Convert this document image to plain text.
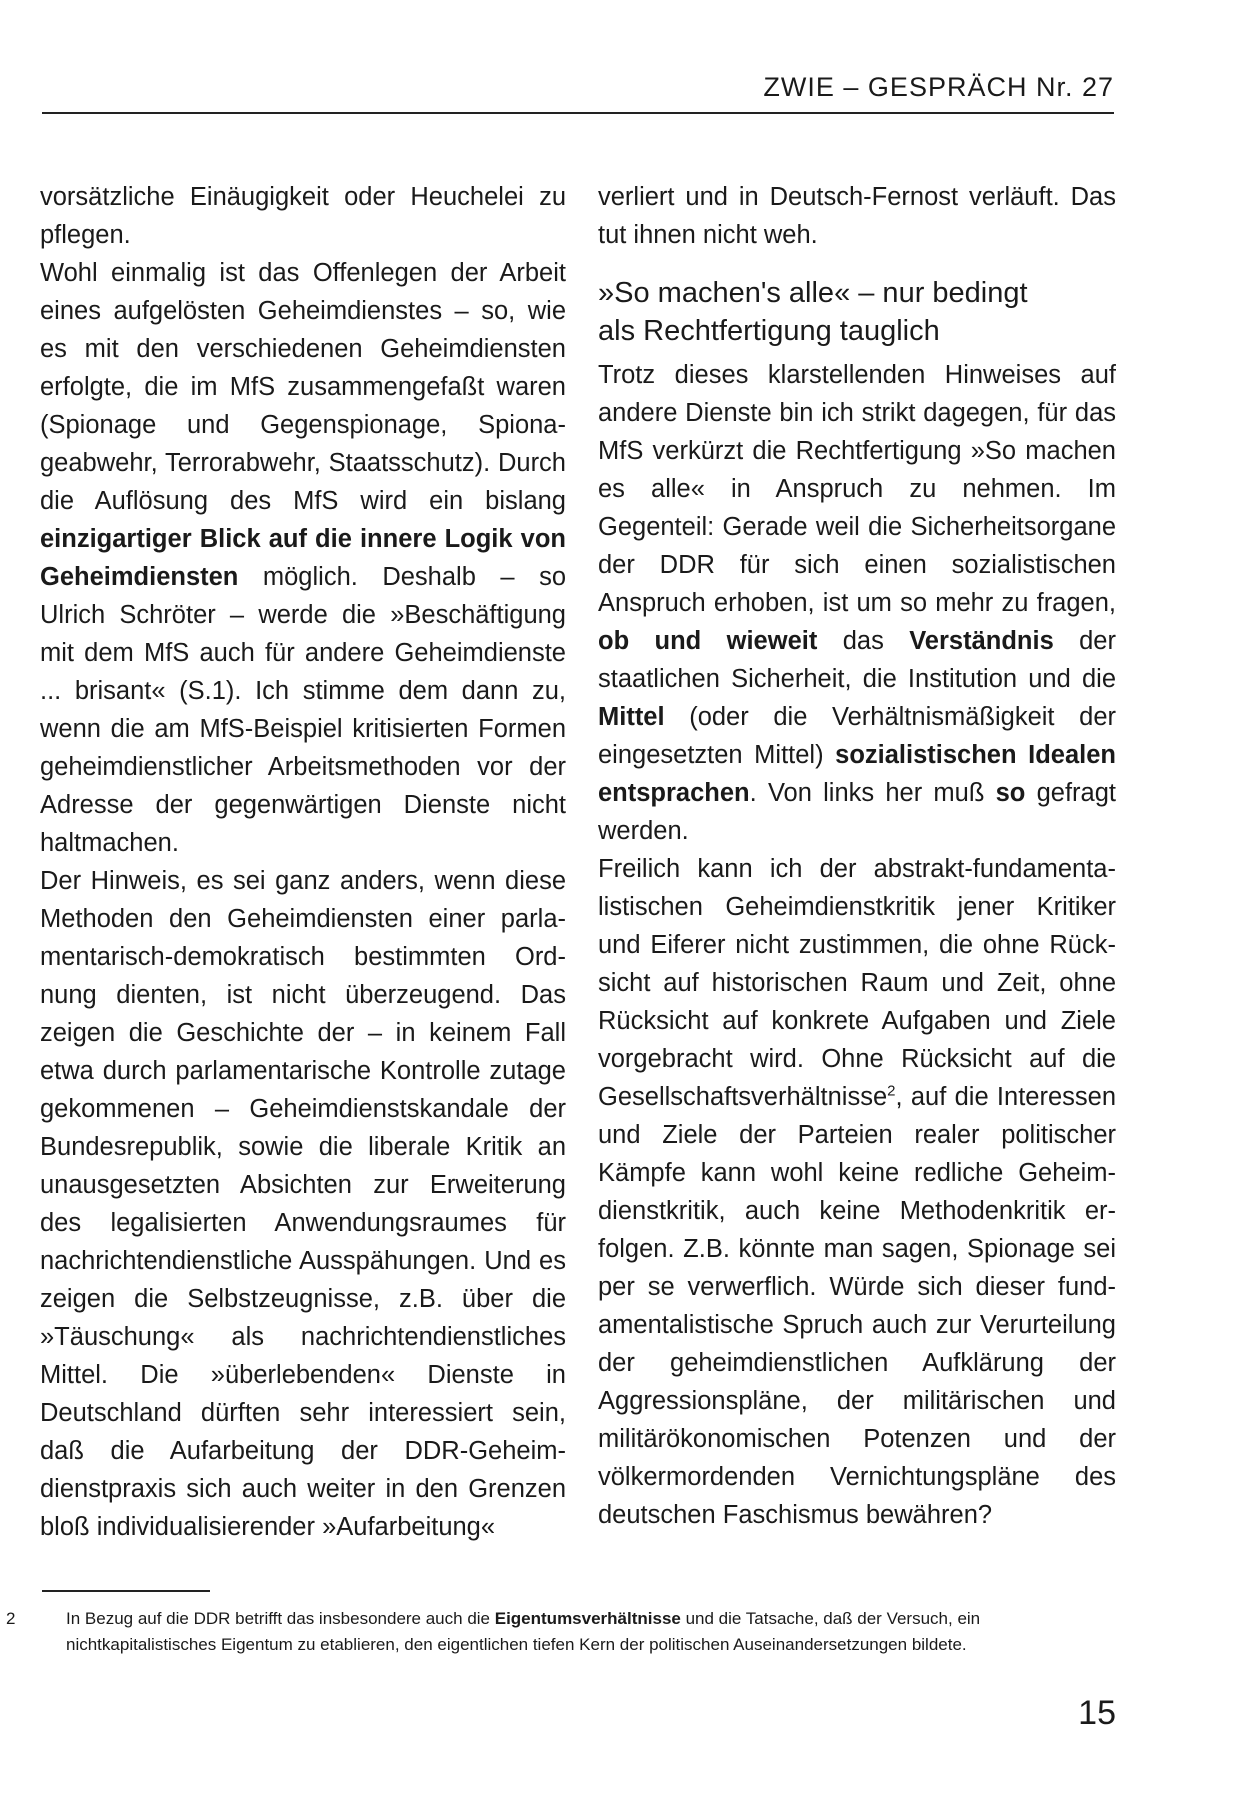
ZWIE – GESPRÄCH Nr. 27

vorsätzliche Einäugigkeit oder Heuchelei zu pflegen.

Wohl einmalig ist das Offenlegen der Arbeit eines aufgelösten Geheimdienstes – so, wie es mit den verschiedenen Geheimdiensten erfolgte, die im MfS zusammengefaßt waren (Spionage und Gegenspionage, Spionageabwehr, Terrorabwehr, Staatsschutz). Durch die Auflösung des MfS wird ein bislang einzigartiger Blick auf die innere Logik von Geheimdiensten möglich. Deshalb – so Ulrich Schröter – werde die »Beschäftigung mit dem MfS auch für andere Geheimdienste ... brisant« (S.1). Ich stimme dem dann zu, wenn die am MfS-Beispiel kritisierten Formen geheimdienstlicher Arbeitsmethoden vor der Adresse der gegenwärtigen Dienste nicht haltmachen.

Der Hinweis, es sei ganz anders, wenn diese Methoden den Geheimdiensten einer parlamentarisch-demokratisch bestimmten Ordnung dienten, ist nicht überzeugend. Das zeigen die Geschichte der – in keinem Fall etwa durch parlamentarische Kontrolle zutage gekommenen – Geheimdienstskandale der Bundesrepublik, sowie die liberale Kritik an unausgesetzten Absichten zur Erweiterung des legalisierten Anwendungsraumes für nachrichtendienstliche Ausspähungen. Und es zeigen die Selbstzeugnisse, z.B. über die »Täuschung« als nachrichtendienstliches Mittel. Die »überlebenden« Dienste in Deutschland dürften sehr interessiert sein, daß die Aufarbeitung der DDR-Geheimdienstpraxis sich auch weiter in den Grenzen bloß individualisierender »Aufarbeitung«

verliert und in Deutsch-Fernost verläuft. Das tut ihnen nicht weh.

»So machen's alle« – nur bedingt
als Rechtfertigung tauglich

Trotz dieses klarstellenden Hinweises auf andere Dienste bin ich strikt dagegen, für das MfS verkürzt die Rechtfertigung »So machen es alle« in Anspruch zu nehmen. Im Gegenteil: Gerade weil die Sicherheitsorgane der DDR für sich einen sozialistischen Anspruch erhoben, ist um so mehr zu fragen, ob und wieweit das Verständnis der staatlichen Sicherheit, die Institution und die Mittel (oder die Verhältnismäßigkeit der eingesetzten Mittel) sozialistischen Idealen entsprachen. Von links her muß so gefragt werden.

Freilich kann ich der abstrakt-fundamentalistischen Geheimdienstkritik jener Kritiker und Eiferer nicht zustimmen, die ohne Rücksicht auf historischen Raum und Zeit, ohne Rücksicht auf konkrete Aufgaben und Ziele vorgebracht wird. Ohne Rücksicht auf die Gesellschaftsverhältnisse$^2$, auf die Interessen und Ziele der Parteien realer politischer Kämpfe kann wohl keine redliche Geheimdienstkritik, auch keine Methodenkritik erfolgen. Z.B. könnte man sagen, Spionage sei per se verwerflich. Würde sich dieser fundamentalistische Spruch auch zur Verurteilung der geheimdienstlichen Aufklärung der Aggressionspläne, der militärischen und militärökonomischen Potenzen und der völkermordenden Vernichtungspläne des deutschen Faschismus bewähren?

2	In Bezug auf die DDR betrifft das insbesondere auch die Eigentumsverhältnisse und die Tatsache, daß der Versuch, ein nichtkapitalistisches Eigentum zu etablieren, den eigentlichen tiefen Kern der politischen Auseinandersetzungen bildete.
15
